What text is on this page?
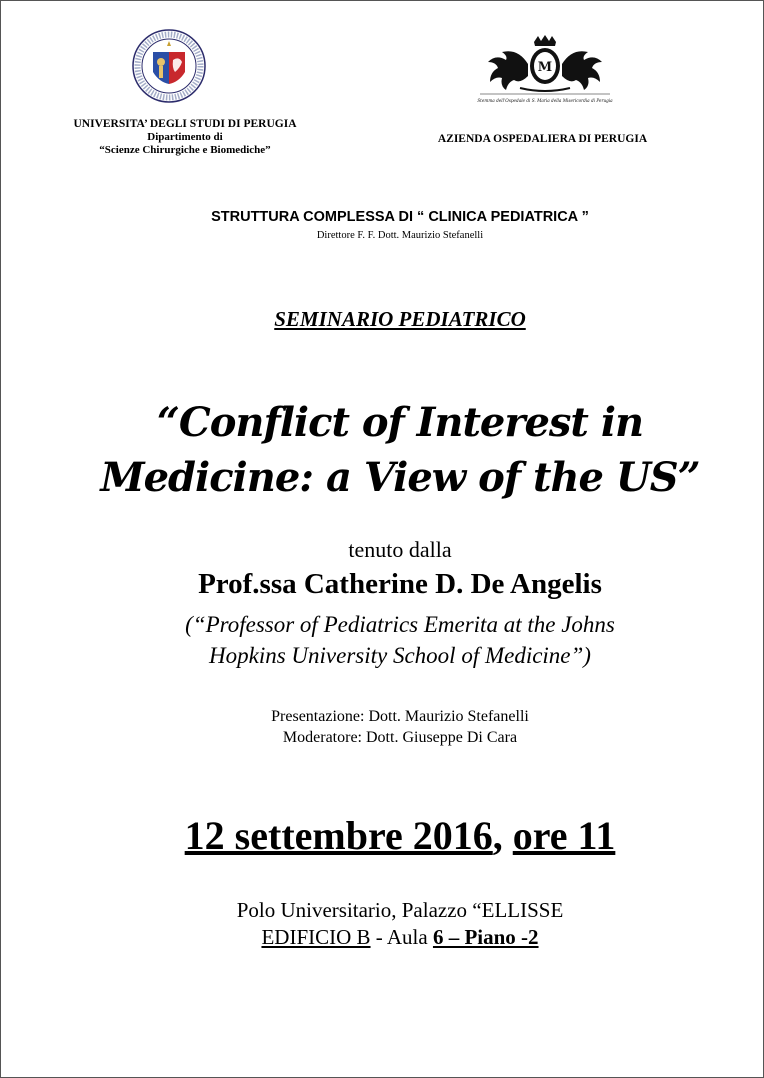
UNIVERSITA’ DEGLI STUDI DI PERUGIA
Dipartimento di
“Scienze Chirurgiche e Biomediche”
M
Stemma dell’Ospedale di S. Maria della Misericordia di Perugia
AZIENDA OSPEDALIERA DI PERUGIA
STRUTTURA COMPLESSA DI “ CLINICA PEDIATRICA ”
Direttore F. F. Dott. Maurizio Stefanelli
SEMINARIO PEDIATRICO
“Conflict of Interest in
Medicine: a View of the US”
tenuto dalla
Prof.ssa Catherine D. De Angelis
(“Professor of Pediatrics Emerita at the Johns
Hopkins University School of Medicine”)
Presentazione: Dott. Maurizio Stefanelli
Moderatore: Dott. Giuseppe Di Cara
12 settembre 2016, ore 11
Polo Universitario, Palazzo “ELLISSE
EDIFICIO B - Aula 6 – Piano -2
